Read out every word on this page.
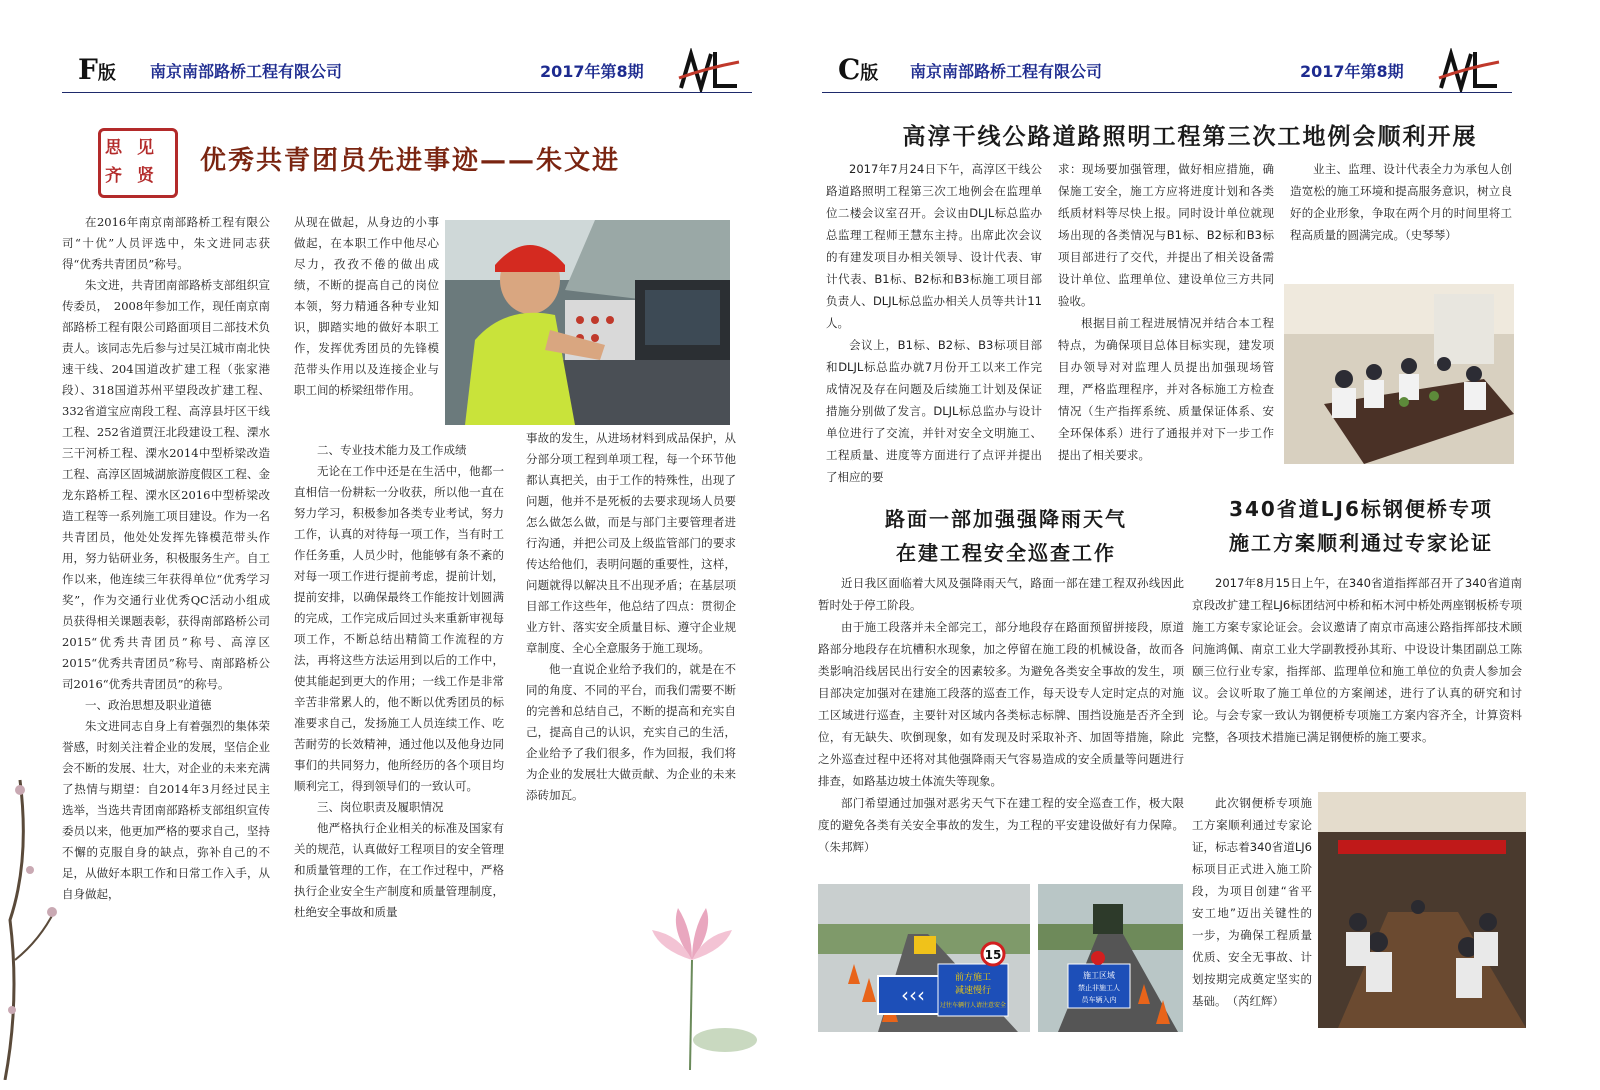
F版 南京南部路桥工程有限公司	2017年第8期
思 见
齐 贤 优秀共青团员先进事迹——朱文进

在2016年南京南部路桥工程有限公司“十优”人员评选中，朱文进同志获得“优秀共青团员”称号。

朱文进，共青团南部路桥支部组织宣传委员，　2008年参加工作，现任南京南部路桥工程有限公司路面项目二部技术负责人。该同志先后参与过吴江城市南北快速干线、204国道改扩建工程（张家港段）、318国道苏州平望段改扩建工程、332省道宝应南段工程、高淳县圩区干线工程、252省道贾汪北段建设工程、溧水三干河桥工程、溧水2014中型桥梁改造工程、高淳区固城湖旅游度假区工程、金龙东路桥工程、溧水区2016中型桥梁改造工程等一系列施工项目建设。作为一名共青团员，他处处发挥先锋模范带头作用，努力钻研业务，积极服务生产。自工作以来，他连续三年获得单位“优秀学习奖”，作为交通行业优秀QC活动小组成员获得相关课题表彰，获得南部路桥公司2015“优秀共青团员”称号、高淳区2015“优秀共青团员”称号、南部路桥公司2016“优秀共青团员”的称号。

一、政治思想及职业道德

朱文进同志自身上有着强烈的集体荣誉感，时刻关注着企业的发展，坚信企业会不断的发展、壮大，对企业的未来充满了热情与期望：自2014年3月经过民主选举，当选共青团南部路桥支部组织宣传委员以来，他更加严格的要求自己，坚持不懈的克服自身的缺点，弥补自己的不足，从做好本职工作和日常工作入手，从自身做起，

从现在做起，从身边的小事做起，在本职工作中他尽心尽力，孜孜不倦的做出成绩，不断的提高自己的岗位本领，努力精通各种专业知识，脚踏实地的做好本职工作，发挥优秀团员的先锋模范带头作用以及连接企业与职工间的桥梁纽带作用。

二、专业技术能力及工作成绩

无论在工作中还是在生活中，他都一直相信一份耕耘一分收获，所以他一直在努力学习，积极参加各类专业考试，努力工作，认真的对待每一项工作，当有时工作任务重，人员少时，他能够有条不紊的对每一项工作进行提前考虑，提前计划，提前安排，以确保最终工作能按计划圆满的完成，工作完成后回过头来重新审视每项工作，不断总结出精简工作流程的方法，再将这些方法运用到以后的工作中，使其能起到更大的作用；一线工作是非常辛苦非常累人的，他不断以优秀团员的标准要求自己，发扬施工人员连续工作、吃苦耐劳的长效精神，通过他以及他身边同事们的共同努力，他所经历的各个项目均顺利完工，得到领导们的一致认可。

三、岗位职责及履职情况

他严格执行企业相关的标准及国家有关的规范，认真做好工程项目的安全管理和质量管理的工作，在工作过程中，严格执行企业安全生产制度和质量管理制度，杜绝安全事故和质量

事故的发生，从进场材料到成品保护，从分部分项工程到单项工程，每一个环节他都认真把关，由于工作的特殊性，出现了问题，他并不是死板的去要求现场人员要怎么做怎么做，而是与部门主要管理者进行沟通，并把公司及上级监管部门的要求传达给他们，表明问题的重要性，这样，问题就得以解决且不出现矛盾；在基层项目部工作这些年，他总结了四点：贯彻企业方针、落实安全质量目标、遵守企业规章制度、全心全意服务于施工现场。

他一直说企业给予我们的，就是在不同的角度、不同的平台，而我们需要不断的完善和总结自己，不断的提高和充实自己，提高自己的认识，充实自己的生活，企业给予了我们很多，作为回报，我们将为企业的发展壮大做贡献、为企业的未来添砖加瓦。

C版 南京南部路桥工程有限公司	2017年第8期
高淳干线公路道路照明工程第三次工地例会顺利开展

2017年7月24日下午，高淳区干线公路道路照明工程第三次工地例会在监理单位二楼会议室召开。会议由DLJL标总监办总监理工程师王慧东主持。出席此次会议的有建发项目办相关领导、设计代表、审计代表、B1标、B2标和B3标施工项目部负责人、DLJL标总监办相关人员等共计11人。

会议上，B1标、B2标、B3标项目部和DLJL标总监办就7月份开工以来工作完成情况及存在问题及后续施工计划及保证措施分别做了发言。DLJL标总监办与设计单位进行了交流，并针对安全文明施工、工程质量、进度等方面进行了点评并提出了相应的要

求：现场要加强管理，做好相应措施，确保施工安全，施工方应将进度计划和各类纸质材料等尽快上报。同时设计单位就现场出现的各类情况与B1标、B2标和B3标项目部进行了交代，并提出了相关设备需设计单位、监理单位、建设单位三方共同验收。

根据目前工程进展情况并结合本工程特点，为确保项目总体目标实现，建发项目办领导对对监理人员提出加强现场管理，严格监理程序，并对各标施工方检查情况（生产指挥系统、质量保证体系、安全环保体系）进行了通报并对下一步工作提出了相关要求。

业主、监理、设计代表全力为承包人创造宽松的施工环境和提高服务意识，树立良好的企业形象，争取在两个月的时间里将工程高质量的圆满完成。（史琴琴）

路面一部加强强降雨天气
在建工程安全巡查工作

近日我区面临着大风及强降雨天气，路面一部在建工程双孙线因此暂时处于停工阶段。

由于施工段落并未全部完工，部分地段存在路面预留拼接段，原道路部分地段存在坑槽积水现象，加之停留在施工段的机械设备，故而各类影响沿线居民出行安全的因素较多。为避免各类安全事故的发生，项目部决定加强对在建施工段落的巡查工作，每天设专人定时定点的对施工区域进行巡查，主要针对区域内各类标志标牌、围挡设施是否齐全到位，有无缺失、吹倒现象，如有发现及时采取补齐、加固等措施，除此之外巡查过程中还将对其他强降雨天气容易造成的安全质量等问题进行排查，如路基边坡土体流失等现象。

部门希望通过加强对恶劣天气下在建工程的安全巡查工作，极大限度的避免各类有关安全事故的发生，为工程的平安建设做好有力保障。（朱邦辉）

‹‹‹
前方施工
减速慢行
过往车辆行人请注意安全
15
施工区域
禁止非施工人
员车辆入内
340省道LJ6标钢便桥专项
施工方案顺利通过专家论证

2017年8月15日上午，在340省道指挥部召开了340省道南京段改扩建工程LJ6标团结河中桥和柘木河中桥处两座钢板桥专项施工方案专家论证会。会议邀请了南京市高速公路指挥部技术顾问施鸿佩、南京工业大学副教授孙其珩、中设设计集团副总工陈颐三位行业专家，指挥部、监理单位和施工单位的负责人参加会议。会议听取了施工单位的方案阐述，进行了认真的研究和讨论。与会专家一致认为钢便桥专项施工方案内容齐全，计算资料完整，各项技术措施已满足钢便桥的施工要求。

此次钢便桥专项施工方案顺利通过专家论证，标志着340省道LJ6标项目正式进入施工阶段，为项目创建“省平安工地”迈出关键性的一步，为确保工程质量优质、安全无事故、计划按期完成奠定坚实的基础。　（芮红辉）
